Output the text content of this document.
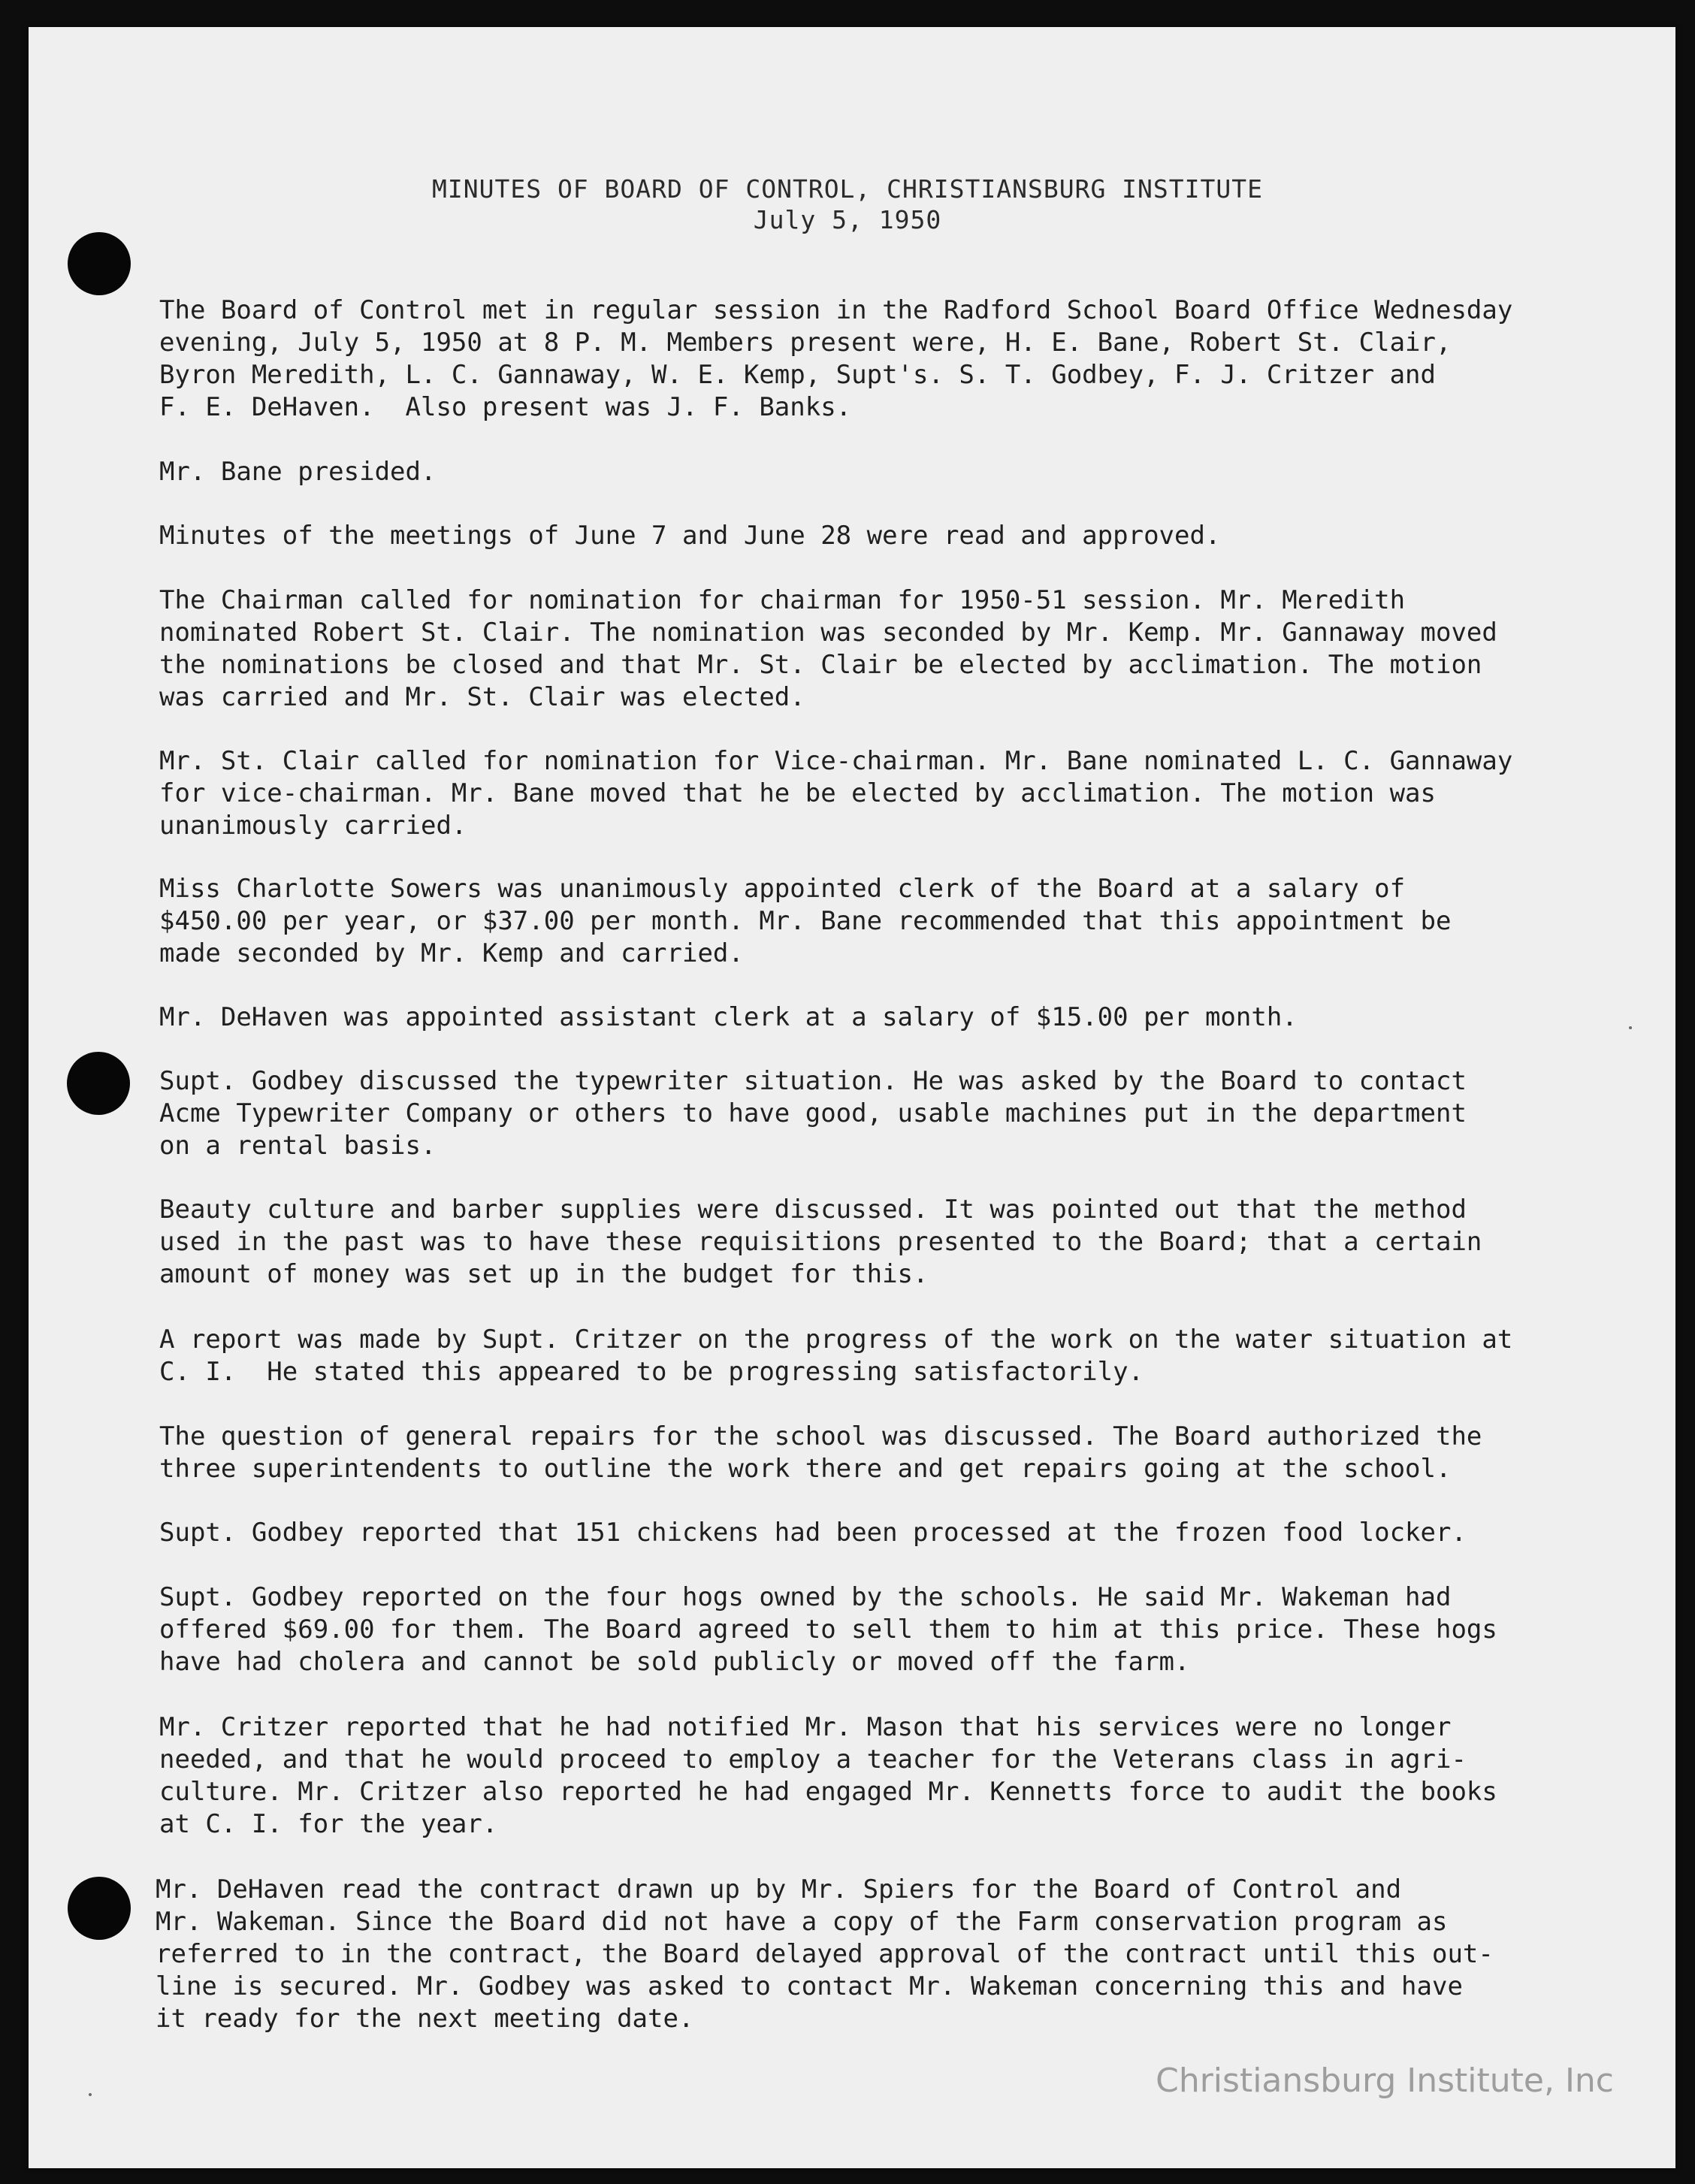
MINUTES OF BOARD OF CONTROL, CHRISTIANSBURG INSTITUTE
July 5, 1950

The Board of Control met in regular session in the Radford School Board Office Wednesday
evening, July 5, 1950 at 8 P. M. Members present were, H. E. Bane, Robert St. Clair,
Byron Meredith, L. C. Gannaway, W. E. Kemp, Supt's. S. T. Godbey, F. J. Critzer and
F. E. DeHaven.  Also present was J. F. Banks.

Mr. Bane presided.

Minutes of the meetings of June 7 and June 28 were read and approved.

The Chairman called for nomination for chairman for 1950-51 session. Mr. Meredith
nominated Robert St. Clair. The nomination was seconded by Mr. Kemp. Mr. Gannaway moved
the nominations be closed and that Mr. St. Clair be elected by acclimation. The motion
was carried and Mr. St. Clair was elected.

Mr. St. Clair called for nomination for Vice-chairman. Mr. Bane nominated L. C. Gannaway
for vice-chairman. Mr. Bane moved that he be elected by acclimation. The motion was
unanimously carried.

Miss Charlotte Sowers was unanimously appointed clerk of the Board at a salary of
$450.00 per year, or $37.00 per month. Mr. Bane recommended that this appointment be
made seconded by Mr. Kemp and carried.

Mr. DeHaven was appointed assistant clerk at a salary of $15.00 per month.

Supt. Godbey discussed the typewriter situation. He was asked by the Board to contact
Acme Typewriter Company or others to have good, usable machines put in the department
on a rental basis.

Beauty culture and barber supplies were discussed. It was pointed out that the method
used in the past was to have these requisitions presented to the Board; that a certain
amount of money was set up in the budget for this.

A report was made by Supt. Critzer on the progress of the work on the water situation at
C. I.  He stated this appeared to be progressing satisfactorily.

The question of general repairs for the school was discussed. The Board authorized the
three superintendents to outline the work there and get repairs going at the school.

Supt. Godbey reported that 151 chickens had been processed at the frozen food locker.

Supt. Godbey reported on the four hogs owned by the schools. He said Mr. Wakeman had
offered $69.00 for them. The Board agreed to sell them to him at this price. These hogs
have had cholera and cannot be sold publicly or moved off the farm.

Mr. Critzer reported that he had notified Mr. Mason that his services were no longer
needed, and that he would proceed to employ a teacher for the Veterans class in agri-
culture. Mr. Critzer also reported he had engaged Mr. Kennetts force to audit the books
at C. I. for the year.

Mr. DeHaven read the contract drawn up by Mr. Spiers for the Board of Control and
Mr. Wakeman. Since the Board did not have a copy of the Farm conservation program as
referred to in the contract, the Board delayed approval of the contract until this out-
line is secured. Mr. Godbey was asked to contact Mr. Wakeman concerning this and have
it ready for the next meeting date.

Christiansburg Institute, Inc
